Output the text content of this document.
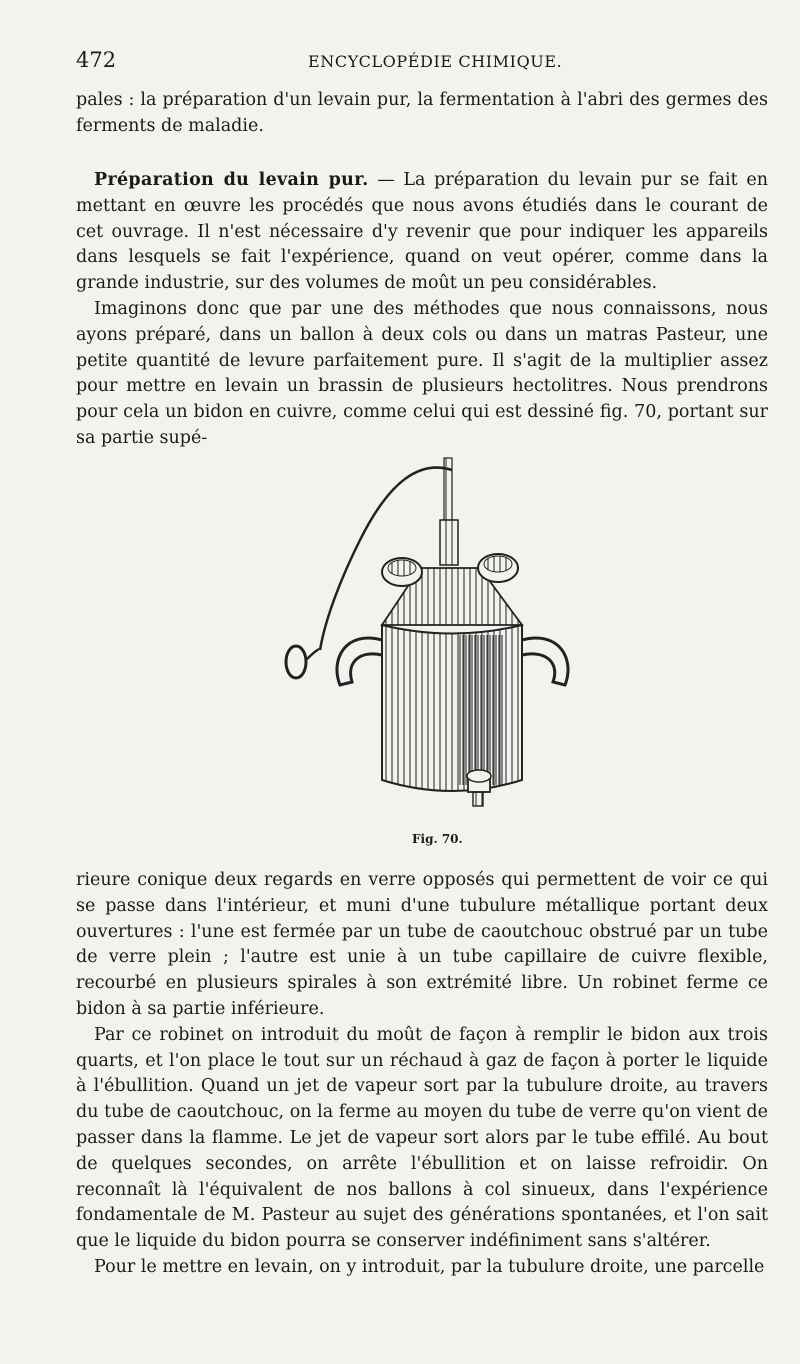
472	ENCYCLOPÉDIE CHIMIQUE.

pales : la préparation d'un levain pur, la fermentation à l'abri des germes des ferments de maladie.

Préparation du levain pur. — La préparation du levain pur se fait en mettant en œuvre les procédés que nous avons étudiés dans le courant de cet ouvrage. Il n'est nécessaire d'y revenir que pour indiquer les appareils dans lesquels se fait l'expérience, quand on veut opérer, comme dans la grande industrie, sur des volumes de moût un peu considérables.

Imaginons donc que par une des méthodes que nous connaissons, nous ayons préparé, dans un ballon à deux cols ou dans un matras Pasteur, une petite quantité de levure parfaitement pure. Il s'agit de la multiplier assez pour mettre en levain un brassin de plusieurs hectolitres. Nous prendrons pour cela un bidon en cuivre, comme celui qui est dessiné fig. 70, portant sur sa partie supé-

Fig. 70.

rieure conique deux regards en verre opposés qui permettent de voir ce qui se passe dans l'intérieur, et muni d'une tubulure métallique portant deux ouvertures : l'une est fermée par un tube de caoutchouc obstrué par un tube de verre plein ; l'autre est unie à un tube capillaire de cuivre flexible, recourbé en plusieurs spirales à son extrémité libre. Un robinet ferme ce bidon à sa partie inférieure.

Par ce robinet on introduit du moût de façon à remplir le bidon aux trois quarts, et l'on place le tout sur un réchaud à gaz de façon à porter le liquide à l'ébullition. Quand un jet de vapeur sort par la tubulure droite, au travers du tube de caoutchouc, on la ferme au moyen du tube de verre qu'on vient de passer dans la flamme. Le jet de vapeur sort alors par le tube effilé. Au bout de quelques secondes, on arrête l'ébullition et on laisse refroidir. On reconnaît là l'équivalent de nos ballons à col sinueux, dans l'expérience fondamentale de M. Pasteur au sujet des générations spontanées, et l'on sait que le liquide du bidon pourra se conserver indéfiniment sans s'altérer.

Pour le mettre en levain, on y introduit, par la tubulure droite, une parcelle
